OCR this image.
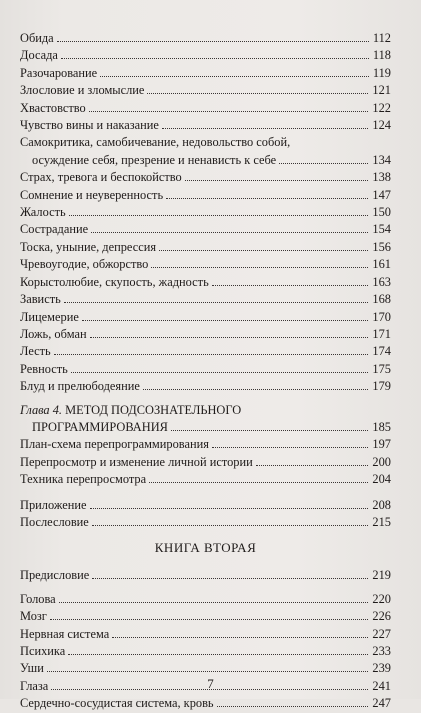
Обида	112
Досада	118
Разочарование	119
Злословие и зломыслие	121
Хвастовство	122
Чувство вины и наказание	124
Самокритика, самобичевание, недовольство собой,
осуждение себя, презрение и ненависть к себе	134
Страх, тревога и беспокойство	138
Сомнение и неуверенность	147
Жалость	150
Сострадание	154
Тоска, уныние, депрессия	156
Чревоугодие, обжорство	161
Корыстолюбие, скупость, жадность	163
Зависть	168
Лицемерие	170
Ложь, обман	171
Лесть	174
Ревность	175
Блуд и прелюбодеяние	179
Глава 4. МЕТОД ПОДСОЗНАТЕЛЬНОГО
ПРОГРАММИРОВАНИЯ	185
План-схема перепрограммирования	197
Перепросмотр и изменение личной истории	200
Техника перепросмотра	204
Приложение	208
Послесловие	215
КНИГА ВТОРАЯ
Предисловие	219
Голова	220
Мозг	226
Нервная система	227
Психика	233
Уши	239
Глаза	241
Сердечно-сосудистая система, кровь	247
7
